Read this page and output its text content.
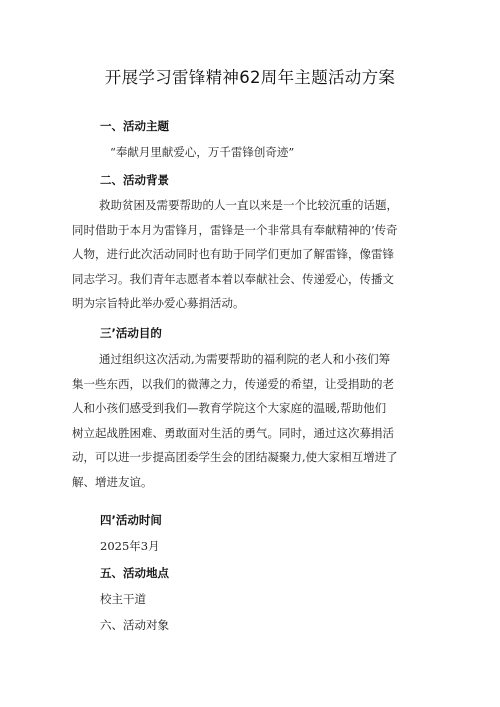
开展学习雷锋精神62周年主题活动方案
一、活动主题
“奉献月里献爱心，万千雷锋创奇迹”
二、活动背景
救助贫困及需要帮助的人一直以来是一个比较沉重的话题，
同时借助于本月为雷锋月，雷锋是一个非常具有奉献精神的’传奇
人物，进行此次活动同时也有助于同学们更加了解雷锋，像雷锋
同志学习。我们青年志愿者本着以奉献社会、传递爱心，传播文
明为宗旨特此举办爱心募捐活动。
三’活动目的
通过组织这次活动,为需要帮助的福利院的老人和小孩们筹
集一些东西，以我们的微薄之力，传递爱的希望，让受捐助的老
人和小孩们感受到我们—教育学院这个大家庭的温暖,帮助他们
树立起战胜困难、勇敢面对生活的勇气。同时，通过这次募捐活
动，可以进一步提高团委学生会的团结凝聚力,使大家相互增进了
解、增进友谊。
四’活动时间
2025年3月
五、活动地点
校主干道
六、活动对象
